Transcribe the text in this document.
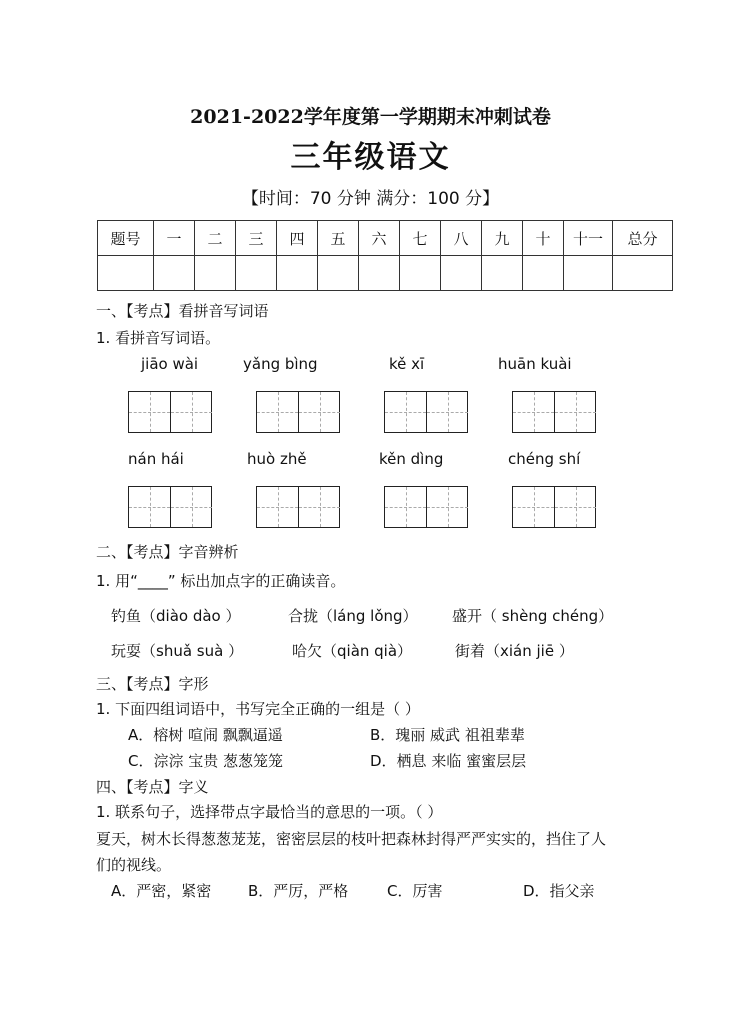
2021-2022学年度第一学期期末冲刺试卷
三年级语文
【时间：70 分钟 满分：100 分】
题号	一	二	三	四	五	六	七	八	九	十	十一	总分

一、【考点】看拼音写词语
1. 看拼音写词语。
jiāo wài	yǎng bìng	kě xī	huān kuài
nán hái	huò zhě	kěn dìng	chéng shí
二、【考点】字音辨析
1. 用“____” 标出加点字的正确读音。
钓鱼（diào dào ）	合拢（láng lǒng） 盛开（ shèng chéng）
玩耍（shuǎ suà ）	哈欠（qiàn qià）	街着（xián jiē ）
三、【考点】字形
1. 下面四组词语中，书写完全正确的一组是（ ）
A．榕树 喧闹 飘飘逼遥	B．瑰丽 威武 祖祖辈辈
C．淙淙 宝贵 葱葱笼笼	D．栖息 来临 蜜蜜层层
四、【考点】字义
1. 联系句子，选择带点字最恰当的意思的一项。（ ）
夏天，树木长得葱葱茏茏，密密层层的枝叶把森林封得严严实实的，挡住了人
们的视线。
A．严密，紧密 B．严厉，严格	C．厉害	D．指父亲
